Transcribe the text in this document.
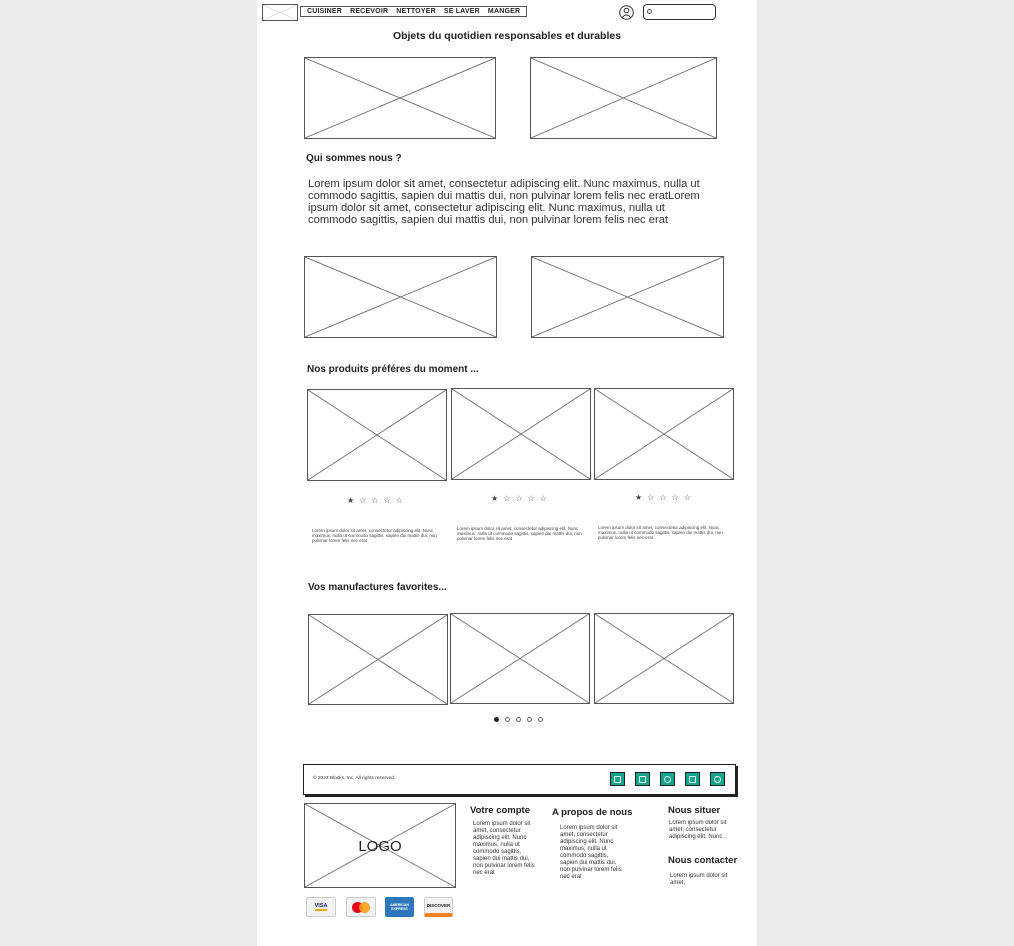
CUISINER RECEVOIR NETTOYER SE LAVER MANGER
Objets du quotidien responsables et durables
Qui sommes nous ?
Lorem ipsum dolor sit amet, consectetur adipiscing elit. Nunc maximus, nulla ut commodo sagittis, sapien dui mattis dui, non pulvinar lorem felis nec eratLorem ipsum dolor sit amet, consectetur adipiscing elit. Nunc maximus, nulla ut commodo sagittis, sapien dui mattis dui, non pulvinar lorem felis nec erat
Nos produits préféres du moment ...
★☆☆☆☆	★☆☆☆☆	★☆☆☆☆
Lorem ipsum dolor sit amet, consectetur adipiscing elit. Nunc maximus, nulla ut commodo sagittis, sapien dui mattis dui, non pulvinar lorem felis nec erat
Lorem ipsum dolor sit amet, consectetur adipiscing elit. Nunc maximus, nulla ut commodo sagittis, sapien dui mattis dui, non pulvinar lorem felis nec erat
Lorem ipsum dolor sit amet, consectetur adipiscing elit. Nunc maximus, nulla ut commodo sagittis, sapien dui mattis dui, non pulvinar lorem felis nec erat
Vos manufactures favorites...
© 2023 Blocks, Inc. All rights reserved.
LOGO
Votre compte
Lorem ipsum dolor sit amet, consectetur adipiscing elit. Nunc maximus, nulla ut commodo sagittis, sapien dui mattis dui, non pulvinar lorem felis nec erat
A propos de nous
Lorem ipsum dolor sit amet, consectetur adipiscing elit. Nunc maximus, nulla ut commodo sagittis, sapien dui mattis dui, non pulvinar lorem felis nec erat
Nous situer
Lorem ipsum dolor sit amet, consectetur adipiscing elit. Nunc .
Nous contacter
Lorem ipsum dolor sit amet,
VISA	AMERICAN EXPRESS
DISCOVER
